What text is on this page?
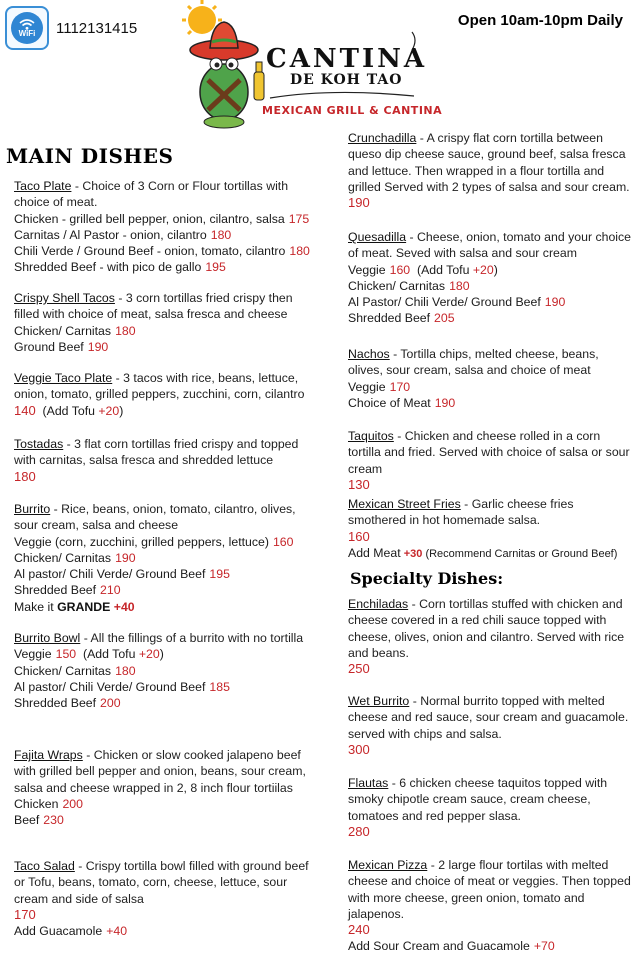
WiFi 1112131415	Open 10am-10pm Daily
CANTINA
DE KOH TAO
MEXICAN GRILL & CANTINA
MAIN DISHES
Specialty Dishes:
Taco Plate - Choice of 3 Corn or Flour tortillas with choice of meat.
Chicken - grilled bell pepper, onion, cilantro, salsa 175
Carnitas / Al Pastor - onion, cilantro 180
Chili Verde / Ground Beef - onion, tomato, cilantro 180
Shredded Beef - with pico de gallo 195
Crispy Shell Tacos - 3 corn tortillas fried crispy then filled with choice of meat, salsa fresca and cheese
Chicken/ Carnitas 180
Ground Beef 190
Veggie Taco Plate - 3 tacos with rice, beans, lettuce, onion, tomato, grilled peppers, zucchini, corn, cilantro
140 (Add Tofu +20)
Tostadas - 3 flat corn tortillas fried crispy and topped with carnitas, salsa fresca and shredded lettuce
180
Burrito - Rice, beans, onion, tomato, cilantro, olives, sour cream, salsa and cheese
Veggie (corn, zucchini, grilled peppers, lettuce) 160
Chicken/ Carnitas 190
Al pastor/ Chili Verde/ Ground Beef 195
Shredded Beef 210
Make it GRANDE +40
Burrito Bowl - All the fillings of a burrito with no tortilla
Veggie 150 (Add Tofu +20)
Chicken/ Carnitas 180
Al pastor/ Chili Verde/ Ground Beef 185
Shredded Beef 200
Fajita Wraps - Chicken or slow cooked jalapeno beef with grilled bell pepper and onion, beans, sour cream, salsa and cheese wrapped in 2, 8 inch flour tortiilas
Chicken 200
Beef 230
Taco Salad - Crispy tortilla bowl filled with ground beef or Tofu, beans, tomato, corn, cheese, lettuce, sour cream and side of salsa
170
Add Guacamole +40
Crunchadilla - A crispy flat corn tortilla between queso dip cheese sauce, ground beef, salsa fresca and lettuce. Then wrapped in a flour tortilla and grilled Served with 2 types of salsa and sour cream.
190
Quesadilla - Cheese, onion, tomato and your choice of meat. Seved with salsa and sour cream
Veggie 160 (Add Tofu +20)
Chicken/ Carnitas 180
Al Pastor/ Chili Verde/ Ground Beef 190
Shredded Beef 205
Nachos - Tortilla chips, melted cheese, beans, olives, sour cream, salsa and choice of meat
Veggie 170
Choice of Meat 190
Taquitos - Chicken and cheese rolled in a corn tortilla and fried. Served with choice of salsa or sour cream
130
Mexican Street Fries - Garlic cheese fries smothered in hot homemade salsa.
160
Add Meat +30 (Recommend Carnitas or Ground Beef)
Enchiladas - Corn tortillas stuffed with chicken and cheese covered in a red chili sauce topped with cheese, olives, onion and cilantro. Served with rice and beans.
250
Wet Burrito - Normal burrito topped with melted cheese and red sauce, sour cream and guacamole. served with chips and salsa.
300
Flautas - 6 chicken cheese taquitos topped with smoky chipotle cream sauce, cream cheese, tomatoes and red pepper slasa.
280
Mexican Pizza - 2 large flour tortilas with melted cheese and choice of meat or veggies. Then topped with more cheese, green onion, tomato and jalapenos.
240
Add Sour Cream and Guacamole +70
